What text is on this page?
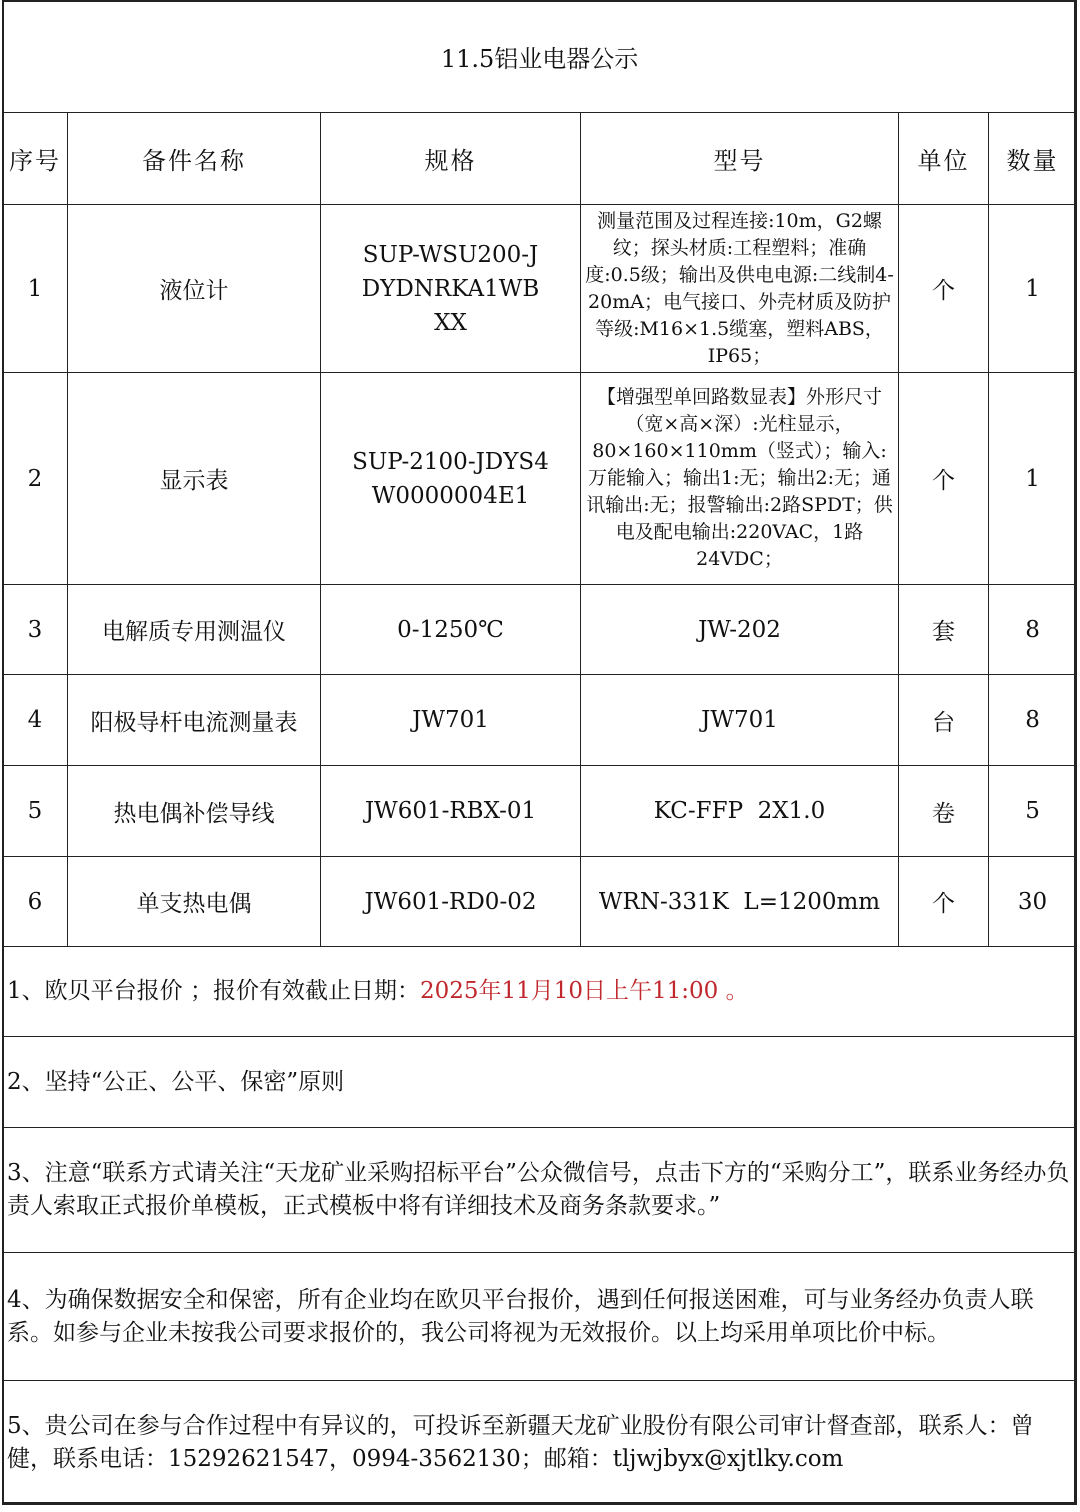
11.5铝业电器公示					
序号	备件名称	规格	型号	单位	数量
1	液位计	SUP-WSU200-JDYDNRKA1WBXX	测量范围及过程连接:10m，G2螺纹；探头材质:工程塑料；准确度:0.5级；输出及供电电源:二线制4-20mA；电气接口、外壳材质及防护等级:M16×1.5缆塞，塑料ABS，IP65；	个	1
2	显示表	SUP-2100-JDYS4W0000004E1	【增强型单回路数显表】外形尺寸（宽×高×深）:光柱显示，80×160×110mm（竖式）；输入:万能输入；输出1:无；输出2:无；通讯输出:无；报警输出:2路SPDT；供电及配电输出:220VAC，1路24VDC；	个	1
3	电解质专用测温仪	0-1250℃	JW-202	套	8
4	阳极导杆电流测量表	JW701	JW701	台	8
5	热电偶补偿导线	JW601-RBX-01	KC-FFP  2X1.0	卷	5
6	单支热电偶	JW601-RD0-02	WRN-331K  L=1200mm	个	30
1、欧贝平台报价 ；报价有效截止日期：2025年11月10日上午11:00 。					
2、坚持“公正、公平、保密”原则					
3、注意“联系方式请关注“天龙矿业采购招标平台”公众微信号，点击下方的“采购分工”，联系业务经办负责人索取正式报价单模板，正式模板中将有详细技术及商务条款要求。”					
4、为确保数据安全和保密，所有企业均在欧贝平台报价，遇到任何报送困难，可与业务经办负责人联系。如参与企业未按我公司要求报价的，我公司将视为无效报价。以上均采用单项比价中标。					
5、贵公司在参与合作过程中有异议的，可投诉至新疆天龙矿业股份有限公司审计督查部，联系人：曾健，联系电话：15292621547，0994-3562130；邮箱：tljwjbyx@xjtlky.com					
